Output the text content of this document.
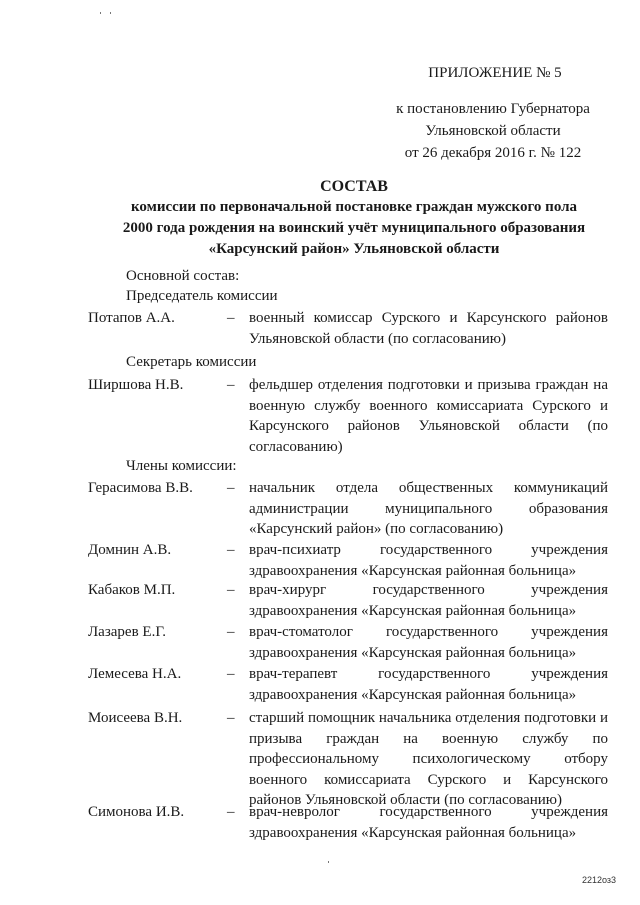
ПРИЛОЖЕНИЕ № 5
к постановлению Губернатора
Ульяновской области
от 26 декабря 2016 г. № 122
СОСТАВ
комиссии по первоначальной постановке граждан мужского пола
2000 года рождения на воинский учёт муниципального образования
«Карсунский район» Ульяновской области
Основной состав:
Председатель комиссии
Потапов А.А.	– военный комиссар Сурского и Карсунского районов Ульяновской области (по согласованию)
Секретарь комиссии
Ширшова Н.В.	– фельдшер отделения подготовки и призыва граждан на военную службу военного комиссариата Сурского и Карсунского районов Ульяновской области (по согласованию)
Члены комиссии:
Герасимова В.В.	– начальник отдела общественных коммуникаций администрации муниципального образования «Карсунский район» (по согласованию)
Домнин А.В.	– врач-психиатр государственного учреждения здравоохранения «Карсунская районная больница»
Кабаков М.П.	– врач-хирург государственного учреждения здравоохранения «Карсунская районная больница»
Лазарев Е.Г.	– врач-стоматолог государственного учреждения здравоохранения «Карсунская районная больница»
Лемесева Н.А.	– врач-терапевт государственного учреждения здравоохранения «Карсунская районная больница»
Моисеева В.Н.	– старший помощник начальника отделения подготовки и призыва граждан на военную службу по профессиональному психологическому отбору военного комиссариата Сурского и Карсунского районов Ульяновской области (по согласованию)
Симонова И.В.	– врач-невролог государственного учреждения здравоохранения «Карсунская районная больница»
2212оз3
